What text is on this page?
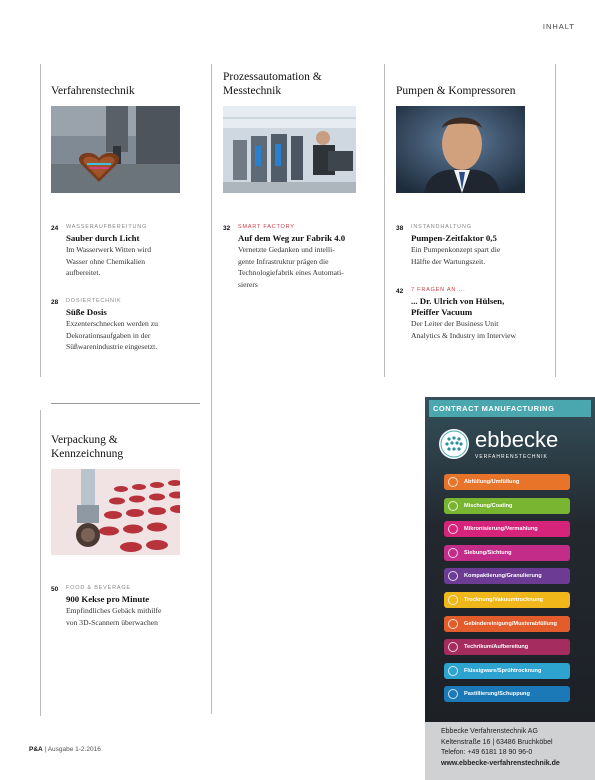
INHALT
Verfahrenstechnik
24 WASSERAUFBEREITUNG
Sauber durch Licht
Im Wasserwerk Witten wird
Wasser ohne Chemikalien
aufbereitet.
28 DOSIERTECHNIK
Süße Dosis
Exzenterschnecken werden zu
Dekorationsaufgaben in der
Süßwarenindustrie eingesetzt.
Prozessautomation &
Messtechnik
32 SMART FACTORY
Auf dem Weg zur Fabrik 4.0
Vernetzte Gedanken und intelli-
gente Infrastruktur prägen die
Technologiefabrik eines Automati-
sierers
Pumpen & Kompressoren
38 INSTANDHALTUNG
Pumpen-Zeitfaktor 0,5
Ein Pumpenkonzept spart die
Hälfte der Wartungszeit.
42 7 FRAGEN AN ...
... Dr. Ulrich von Hülsen,
Pfeiffer Vacuum
Der Leiter der Business Unit
Analytics & Industry im Interview
Verpackung &
Kennzeichnung
50 FOOD & BEVERAGE
900 Kekse pro Minute
Empfindliches Gebäck mithilfe
von 3D-Scannern überwachen
P&A | Ausgabe 1-2.2016
CONTRACT MANUFACTURING
ebbecke
VERFAHRENSTECHNIK
Abfüllung/Umfüllung
Mischung/Coating
Mikronisierung/Vermahlung
Siebung/Sichtung
Kompaktierung/Granulierung
Trocknung/Vakuumtrocknung
Gebindereinigung/Musterabfüllung
Techrikum/Aufbereitung
Flüssigware/Sprühtrocknung
Pastillierung/Schuppung
Ebbecke Verfahrenstechnik AG
Keltenstraße 16 | 63486 Bruchköbel
Telefon: +49 6181 18 90 96-0
www.ebbecke-verfahrenstechnik.de
